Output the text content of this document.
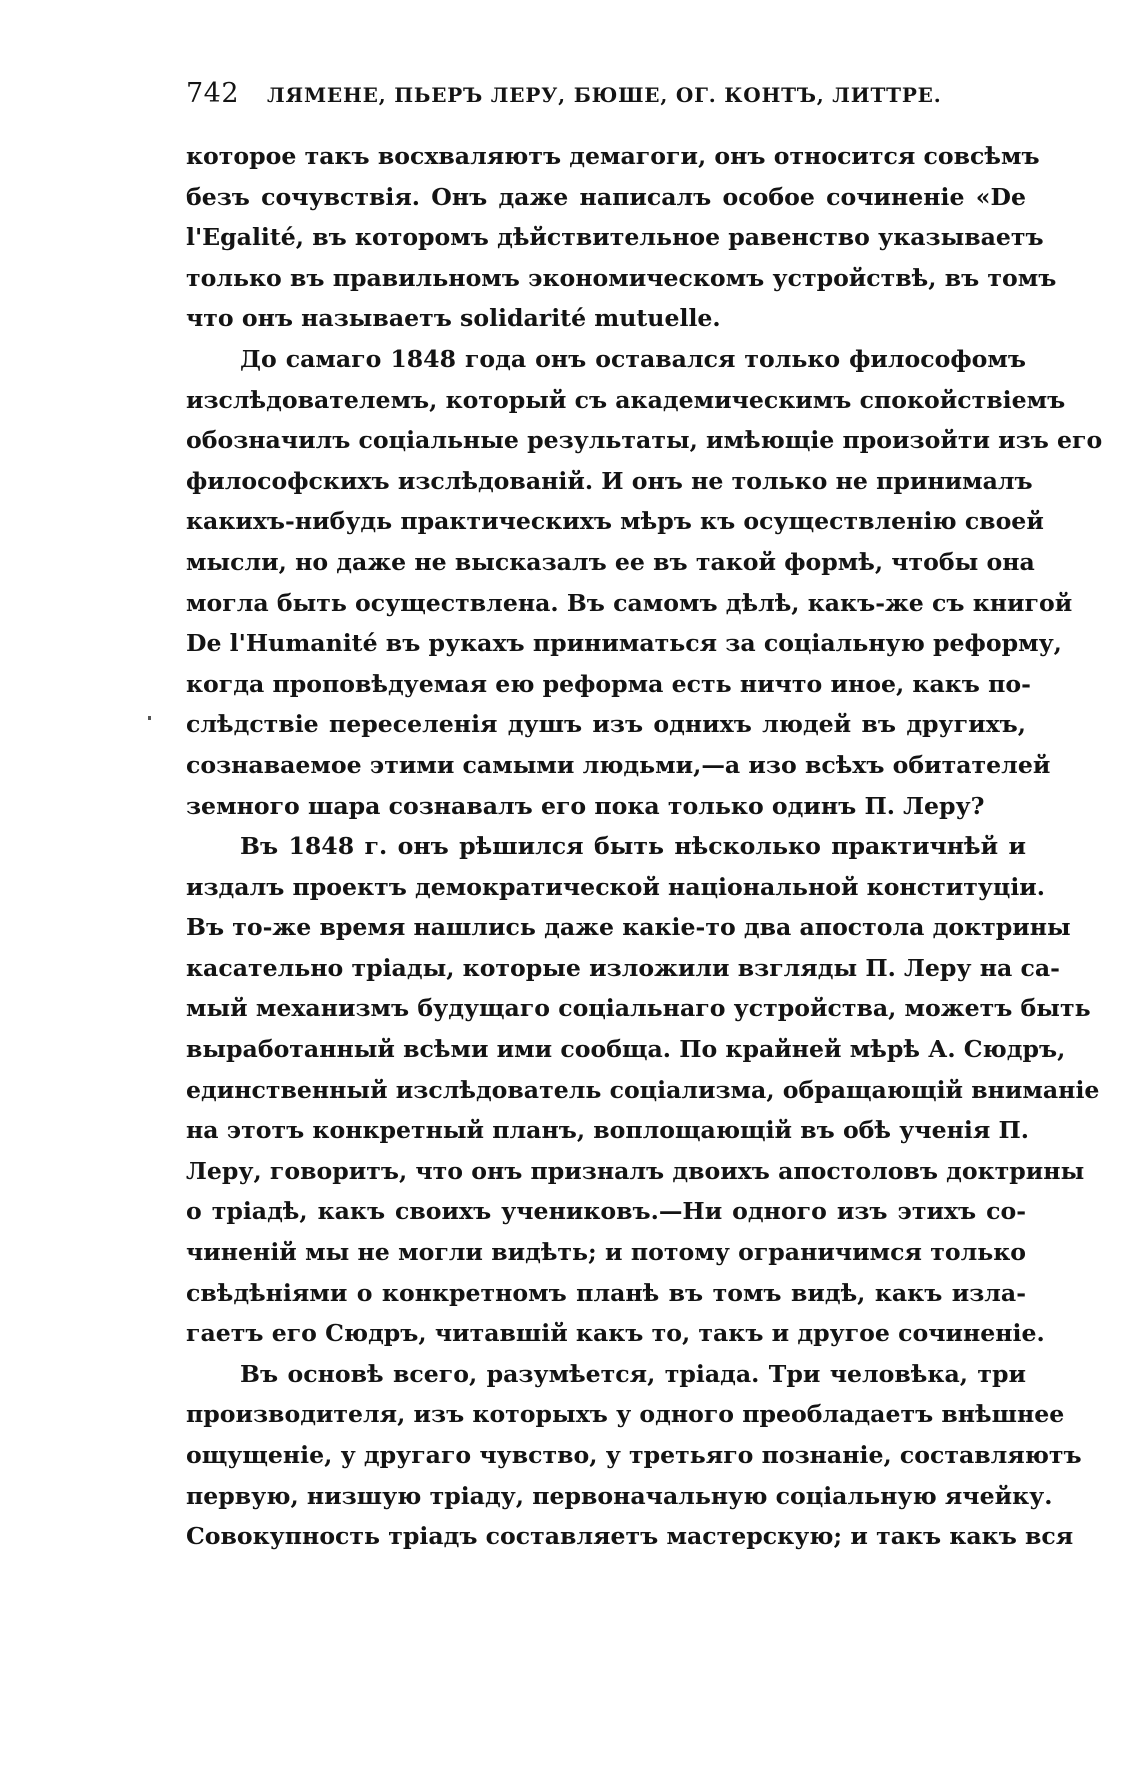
742 ЛЯМЕНЕ, ПЬЕРЪ ЛЕРУ, БЮШЕ, ОГ. КОНТЪ, ЛИТТРЕ.

которое такъ восхваляютъ демагоги, онъ относится совсѣмъ
безъ сочувствія. Онъ даже написалъ особое сочиненіе «De
l'Egalité, въ которомъ дѣйствительное равенство указываетъ
только въ правильномъ экономическомъ устройствѣ, въ томъ
что онъ называетъ solidarité mutuelle.

До самаго 1848 года онъ оставался только философомъ
изслѣдователемъ, который съ академическимъ спокойствіемъ
обозначилъ соціальные результаты, имѣющіе произойти изъ его
философскихъ изслѣдованій. И онъ не только не принималъ
какихъ-нибудь практическихъ мѣръ къ осуществленію своей
мысли, но даже не высказалъ ее въ такой формѣ, чтобы она
могла быть осуществлена. Въ самомъ дѣлѣ, какъ-же съ книгой
De l'Humanité въ рукахъ приниматься за соціальную реформу,
когда проповѣдуемая ею реформа есть ничто иное, какъ по-
слѣдствіе переселенія душъ изъ однихъ людей въ другихъ,
сознаваемое этими самыми людьми,—а изо всѣхъ обитателей
земного шара сознавалъ его пока только одинъ П. Леру?

Въ 1848 г. онъ рѣшился быть нѣсколько практичнѣй и
издалъ проектъ демократической національной конституціи.
Въ то-же время нашлись даже какіе-то два апостола доктрины
касательно тріады, которые изложили взгляды П. Леру на са-
мый механизмъ будущаго соціальнаго устройства, можетъ быть
выработанный всѣми ими сообща. По крайней мѣрѣ А. Сюдръ,
единственный изслѣдователь соціализма, обращающій вниманіе
на этотъ конкретный планъ, воплощающій въ обѣ ученія П.
Леру, говоритъ, что онъ призналъ двоихъ апостоловъ доктрины
о тріадѣ, какъ своихъ учениковъ.—Ни одного изъ этихъ со-
чиненій мы не могли видѣть; и потому ограничимся только
свѣдѣніями о конкретномъ планѣ въ томъ видѣ, какъ изла-
гаетъ его Сюдръ, читавшій какъ то, такъ и другое сочиненіе.

Въ основѣ всего, разумѣется, тріада. Три человѣка, три
производителя, изъ которыхъ у одного преобладаетъ внѣшнее
ощущеніе, у другаго чувство, у третьяго познаніе, составляютъ
первую, низшую тріаду, первоначальную соціальную ячейку.
Совокупность тріадъ составляетъ мастерскую; и такъ какъ вся
